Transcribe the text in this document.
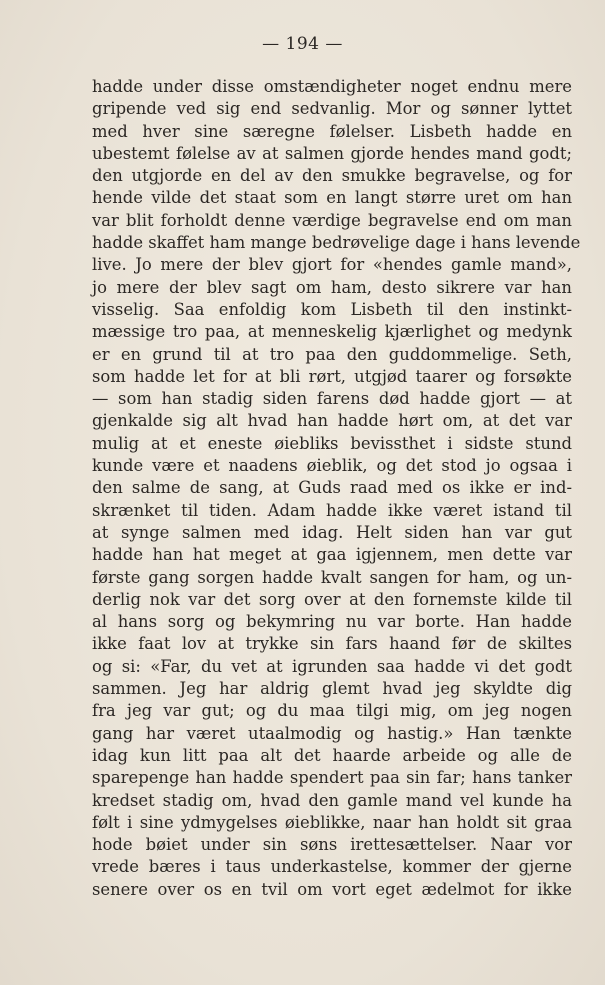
— 194 —
hadde under disse omstændigheter noget endnu mere
gripende ved sig end sedvanlig. Mor og sønner lyttet
med hver sine særegne følelser. Lisbeth hadde en
ubestemt følelse av at salmen gjorde hendes mand godt;
den utgjorde en del av den smukke begravelse, og for
hende vilde det staat som en langt større uret om han
var blit forholdt denne værdige begravelse end om man
hadde skaffet ham mange bedrøvelige dage i hans levende
live. Jo mere der blev gjort for «hendes gamle mand»,
jo mere der blev sagt om ham, desto sikrere var han
visselig. Saa enfoldig kom Lisbeth til den instinkt-
mæssige tro paa, at menneskelig kjærlighet og medynk
er en grund til at tro paa den guddommelige. Seth,
som hadde let for at bli rørt, utgjød taarer og forsøkte
— som han stadig siden farens død hadde gjort — at
gjenkalde sig alt hvad han hadde hørt om, at det var
mulig at et eneste øiebliks bevissthet i sidste stund
kunde være et naadens øieblik, og det stod jo ogsaa i
den salme de sang, at Guds raad med os ikke er ind-
skrænket til tiden. Adam hadde ikke været istand til
at synge salmen med idag. Helt siden han var gut
hadde han hat meget at gaa igjennem, men dette var
første gang sorgen hadde kvalt sangen for ham, og un-
derlig nok var det sorg over at den fornemste kilde til
al hans sorg og bekymring nu var borte. Han hadde
ikke faat lov at trykke sin fars haand før de skiltes
og si: «Far, du vet at igrunden saa hadde vi det godt
sammen. Jeg har aldrig glemt hvad jeg skyldte dig
fra jeg var gut; og du maa tilgi mig, om jeg nogen
gang har været utaalmodig og hastig.» Han tænkte
idag kun litt paa alt det haarde arbeide og alle de
sparepenge han hadde spendert paa sin far; hans tanker
kredset stadig om, hvad den gamle mand vel kunde ha
følt i sine ydmygelses øieblikke, naar han holdt sit graa
hode bøiet under sin søns irettesættelser. Naar vor
vrede bæres i taus underkastelse, kommer der gjerne
senere over os en tvil om vort eget ædelmot for ikke
